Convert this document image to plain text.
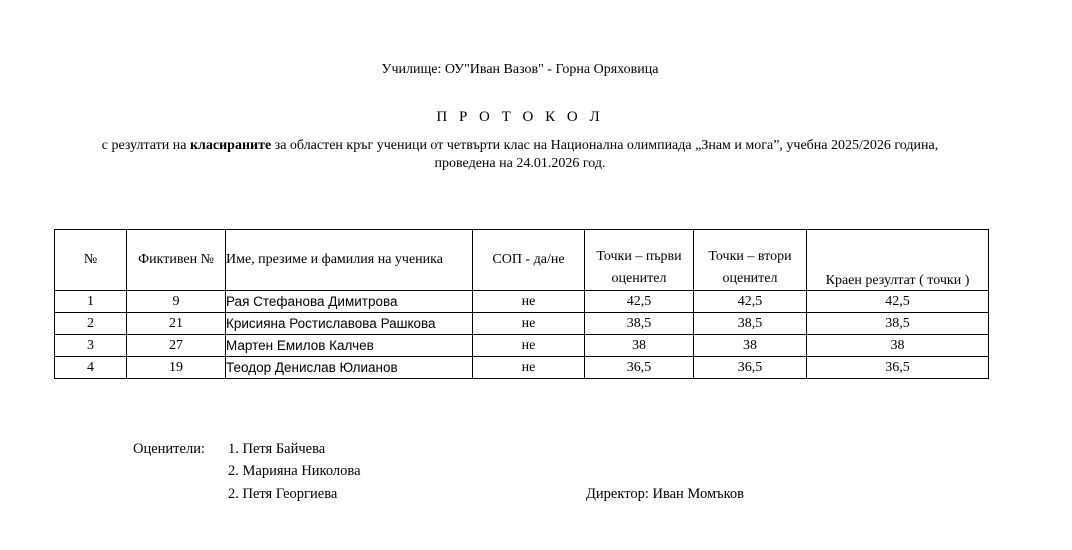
Училище: ОУ"Иван Вазов" - Горна Оряховица
П Р О Т О К О Л
с резултати на класираните за областен кръг ученици от четвърти клас на Национална олимпиада „Знам и мога”, учебна 2025/2026 година,
проведена на 24.01.2026 год.
№	Фиктивен №	Име, презиме и фамилия на ученика	СОП - да/не	Точки – първи оценител	Точки – втори оценител	Краен резултат ( точки )
1	9	Рая Стефанова Димитрова	не	42,5	42,5	42,5
2	21	Крисияна Ростиславова Рашкова	не	38,5	38,5	38,5
3	27	Мартен Емилов Калчев	не	38	38	38
4	19	Теодор Денислав Юлианов	не	36,5	36,5	36,5
Оценители: 1. Петя Байчева
2. Марияна Николова
2. Петя Георгиева	Директор: Иван Момъков
